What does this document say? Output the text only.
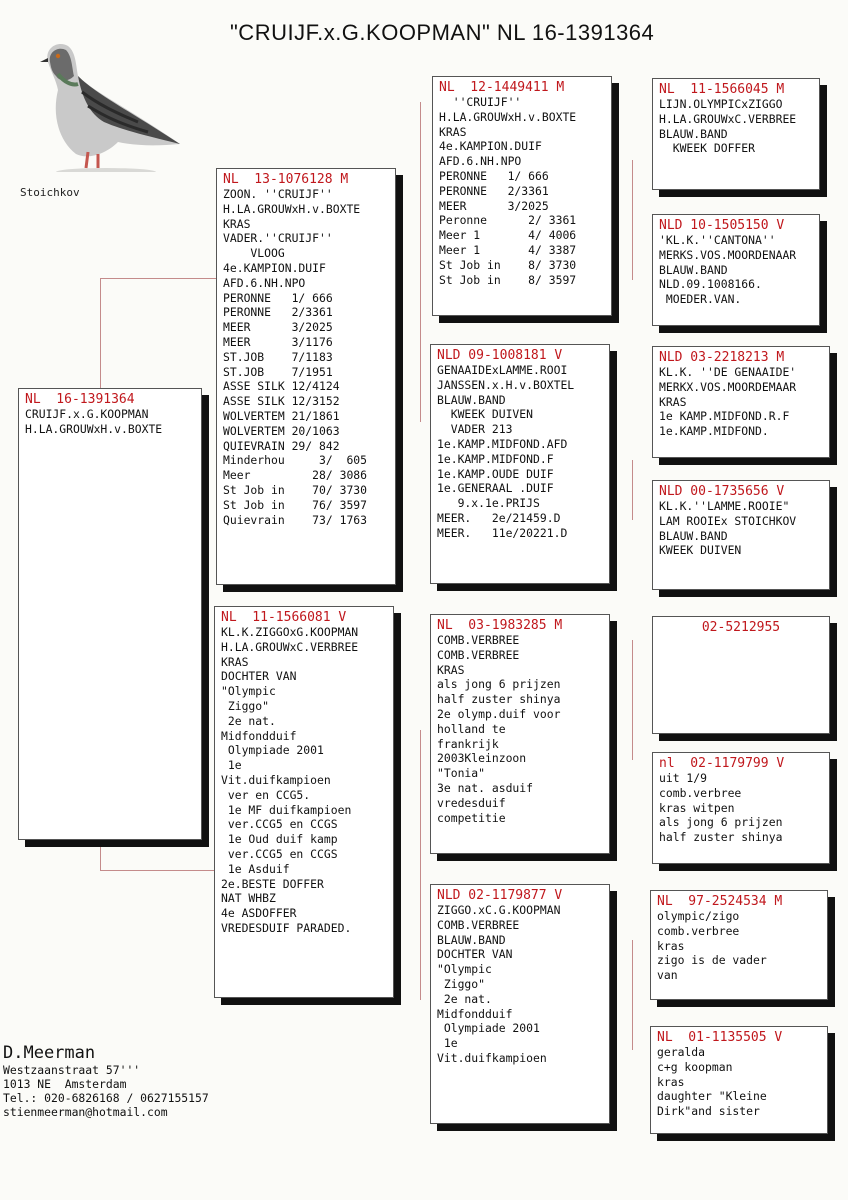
"CRUIJF.x.G.KOOPMAN" NL 16-1391364
Stoichkov
NL  16-1391364
CRUIJF.x.G.KOOPMAN
H.LA.GROUWxH.v.BOXTE
NL  13-1076128 M
ZOON. ''CRUIJF''
H.LA.GROUWxH.v.BOXTE
KRAS
VADER.''CRUIJF''
VLOOG
4e.KAMPION.DUIF
AFD.6.NH.NPO
PERONNE   1/ 666
PERONNE   2/3361
MEER      3/2025
MEER      3/1176
ST.JOB    7/1183
ST.JOB    7/1951
ASSE SILK 12/4124
ASSE SILK 12/3152
WOLVERTEM 21/1861
WOLVERTEM 20/1063
QUIEVRAIN 29/ 842
Minderhou     3/  605
Meer         28/ 3086
St Job in    70/ 3730
St Job in    76/ 3597
Quievrain    73/ 1763
NL  11-1566081 V
KL.K.ZIGGOxG.KOOPMAN
H.LA.GROUWxC.VERBREE
KRAS
DOCHTER VAN
"Olympic
Ziggo"
2e nat.
Midfondduif
Olympiade 2001
1e
Vit.duifkampioen
ver en CCG5.
1e MF duifkampioen
ver.CCG5 en CCGS
1e Oud duif kamp
ver.CCG5 en CCGS
1e Asduif
2e.BESTE DOFFER
NAT WHBZ
4e ASDOFFER
VREDESDUIF PARADED.
NL  12-1449411 M
''CRUIJF''
H.LA.GROUWxH.v.BOXTE
KRAS
4e.KAMPION.DUIF
AFD.6.NH.NPO
PERONNE   1/ 666
PERONNE   2/3361
MEER      3/2025
Peronne      2/ 3361
Meer 1       4/ 4006
Meer 1       4/ 3387
St Job in    8/ 3730
St Job in    8/ 3597
NLD 09-1008181 V
GENAAIDExLAMME.ROOI
JANSSEN.x.H.v.BOXTEL
BLAUW.BAND
KWEEK DUIVEN
VADER 213
1e.KAMP.MIDFOND.AFD
1e.KAMP.MIDFOND.F
1e.KAMP.OUDE DUIF
1e.GENERAAL .DUIF
9.x.1e.PRIJS
MEER.   2e/21459.D
MEER.   11e/20221.D
NL  03-1983285 M
COMB.VERBREE
COMB.VERBREE
KRAS
als jong 6 prijzen
half zuster shinya
2e olymp.duif voor
holland te
frankrijk
2003Kleinzoon
"Tonia"
3e nat. asduif
vredesduif
competitie
NLD 02-1179877 V
ZIGGO.xC.G.KOOPMAN
COMB.VERBREE
BLAUW.BAND
DOCHTER VAN
"Olympic
Ziggo"
2e nat.
Midfondduif
Olympiade 2001
1e
Vit.duifkampioen
NL  11-1566045 M
LIJN.OLYMPICxZIGGO
H.LA.GROUWxC.VERBREE
BLAUW.BAND
KWEEK DOFFER
NLD 10-1505150 V
'KL.K.''CANTONA''
MERKS.VOS.MOORDENAAR
BLAUW.BAND
NLD.09.1008166.
MOEDER.VAN.
NLD 03-2218213 M
KL.K. ''DE GENAAIDE'
MERKX.VOS.MOORDEMAAR
KRAS
1e KAMP.MIDFOND.R.F
1e.KAMP.MIDFOND.
NLD 00-1735656 V
KL.K.''LAMME.ROOIE"
LAM ROOIEx STOICHKOV
BLAUW.BAND
KWEEK DUIVEN
02-5212955
nl  02-1179799 V
uit 1/9
comb.verbree
kras witpen
als jong 6 prijzen
half zuster shinya
NL  97-2524534 M
olympic/zigo
comb.verbree
kras
zigo is de vader
van
NL  01-1135505 V
geralda
c+g koopman
kras
daughter "Kleine
Dirk"and sister
D.Meerman
Westzaanstraat 57'''
1013 NE  Amsterdam
Tel.: 020-6826168 / 0627155157
stienmeerman@hotmail.com
